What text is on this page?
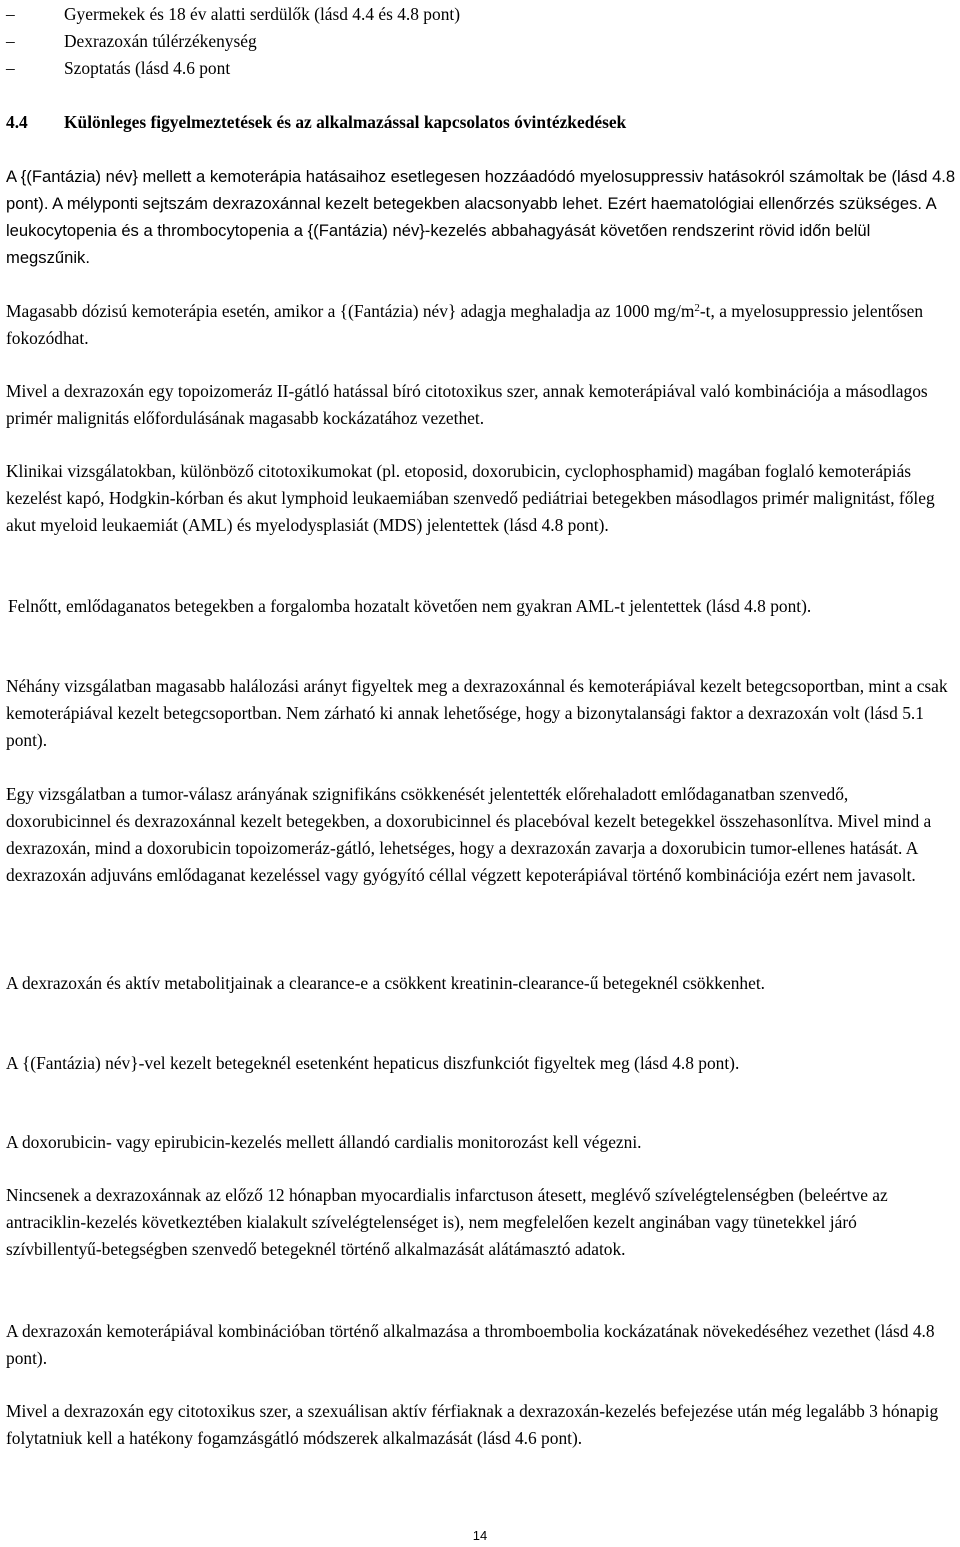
–	Gyermekek és 18 év alatti serdülők (lásd 4.4 és 4.8 pont)
–	Dexrazoxán túlérzékenység
–	Szoptatás (lásd 4.6 pont
4.4 Különleges figyelmeztetések és az alkalmazással kapcsolatos óvintézkedések

A {(Fantázia) név} mellett a kemoterápia hatásaihoz esetlegesen hozzáadódó myelosuppressiv hatásokról számoltak be (lásd 4.8 pont). A mélyponti sejtszám dexrazoxánnal kezelt betegekben alacsonyabb lehet. Ezért haematológiai ellenőrzés szükséges. A leukocytopenia és a thrombocytopenia a {(Fantázia) név}-kezelés abbahagyását követően rendszerint rövid időn belül megszűnik.

Magasabb dózisú kemoterápia esetén, amikor a {(Fantázia) név} adagja meghaladja az 1000 $mg/m^2-t$, a myelosuppressio jelentősen fokozódhat.

Mivel a dexrazoxán egy topoizomeráz II-gátló hatással bíró citotoxikus szer, annak kemoterápiával való kombinációja a másodlagos primér malignitás előfordulásának magasabb kockázatához vezethet.

Klinikai vizsgálatokban, különböző citotoxikumokat (pl. etoposid, doxorubicin, cyclophosphamid) magában foglaló kemoterápiás kezelést kapó, Hodgkin-kórban és akut lymphoid leukaemiában szenvedő pediátriai betegekben másodlagos primér malignitást, főleg akut myeloid leukaemiát (AML) és myelodysplasiát (MDS) jelentettek (lásd 4.8 pont).

Felnőtt, emlődaganatos betegekben a forgalomba hozatalt követően nem gyakran AML-t jelentettek (lásd 4.8 pont).

Néhány vizsgálatban magasabb halálozási arányt figyeltek meg a dexrazoxánnal és kemoterápiával kezelt betegcsoportban, mint a csak kemoterápiával kezelt betegcsoportban. Nem zárható ki annak lehetősége, hogy a bizonytalansági faktor a dexrazoxán volt (lásd 5.1 pont).

Egy vizsgálatban a tumor-válasz arányának szignifikáns csökkenését jelentették előrehaladott emlődaganatban szenvedő, doxorubicinnel és dexrazoxánnal kezelt betegekben, a doxorubicinnel és placebóval kezelt betegekkel összehasonlítva. Mivel mind a dexrazoxán, mind a doxorubicin topoizomeráz-gátló, lehetséges, hogy a dexrazoxán zavarja a doxorubicin tumor-ellenes hatását. A dexrazoxán adjuváns emlődaganat kezeléssel vagy gyógyító céllal végzett kepoterápiával történő kombinációja ezért nem javasolt.

A dexrazoxán és aktív metabolitjainak a clearance-e a csökkent kreatinin-clearance-ű betegeknél csökkenhet.

A {(Fantázia) név}-vel kezelt betegeknél esetenként hepaticus diszfunkciót figyeltek meg (lásd 4.8 pont).

A doxorubicin- vagy epirubicin-kezelés mellett állandó cardialis monitorozást kell végezni.

Nincsenek a dexrazoxánnak az előző 12 hónapban myocardialis infarctuson átesett, meglévő szívelégtelenségben (beleértve az antraciklin-kezelés következtében kialakult szívelégtelenséget is), nem megfelelően kezelt anginában vagy tünetekkel járó szívbillentyű-betegségben szenvedő betegeknél történő alkalmazását alátámasztó adatok.

A dexrazoxán kemoterápiával kombinációban történő alkalmazása a thromboembolia kockázatának növekedéséhez vezethet (lásd 4.8 pont).

Mivel a dexrazoxán egy citotoxikus szer, a szexuálisan aktív férfiaknak a dexrazoxán-kezelés befejezése után még legalább 3 hónapig folytatniuk kell a hatékony fogamzásgátló módszerek alkalmazását (lásd 4.6 pont).

14
